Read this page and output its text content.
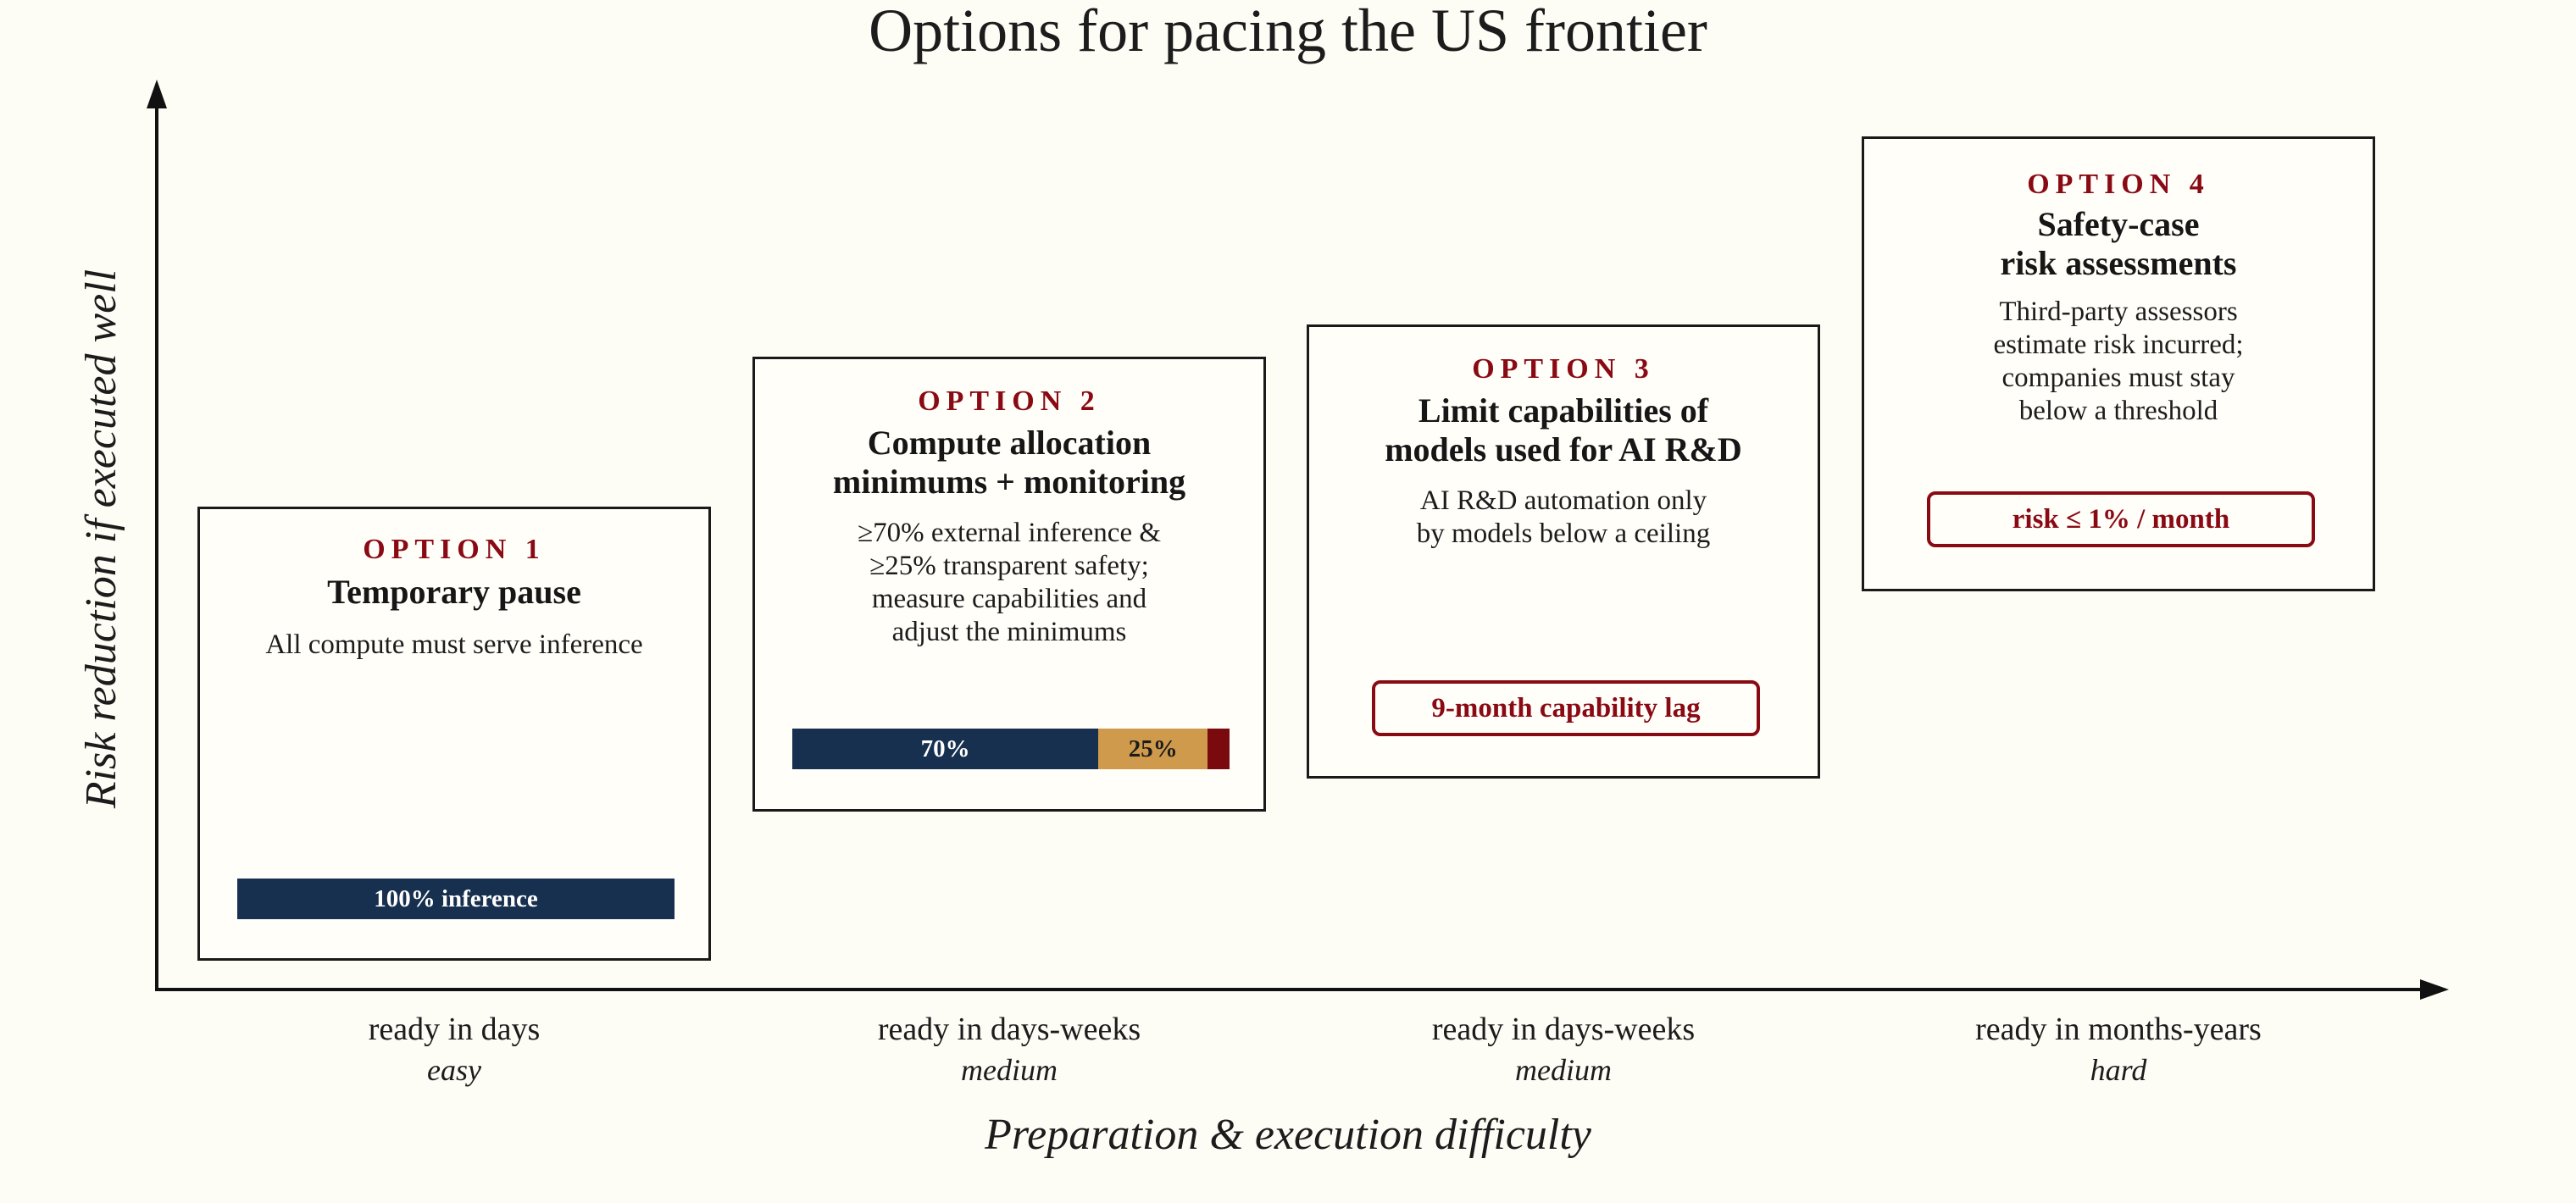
Options for pacing the US frontier
Risk reduction if executed well	OPTION 1
Temporary pause
All compute must serve inference
100% inference
OPTION 2
Compute allocation
minimums + monitoring
≥70% external inference &
≥25% transparent safety;
measure capabilities and
adjust the minimums
70%	25%
OPTION 3
Limit capabilities of
models used for AI R&D
AI R&D automation only
by models below a ceiling
9-month capability lag
OPTION 4
Safety-case
risk assessments
Third-party assessors
estimate risk incurred;
companies must stay
below a threshold
risk ≤ 1% / month
ready in days
easy
ready in days-weeks
medium
ready in days-weeks
medium
ready in months-years
hard
Preparation & execution difficulty
